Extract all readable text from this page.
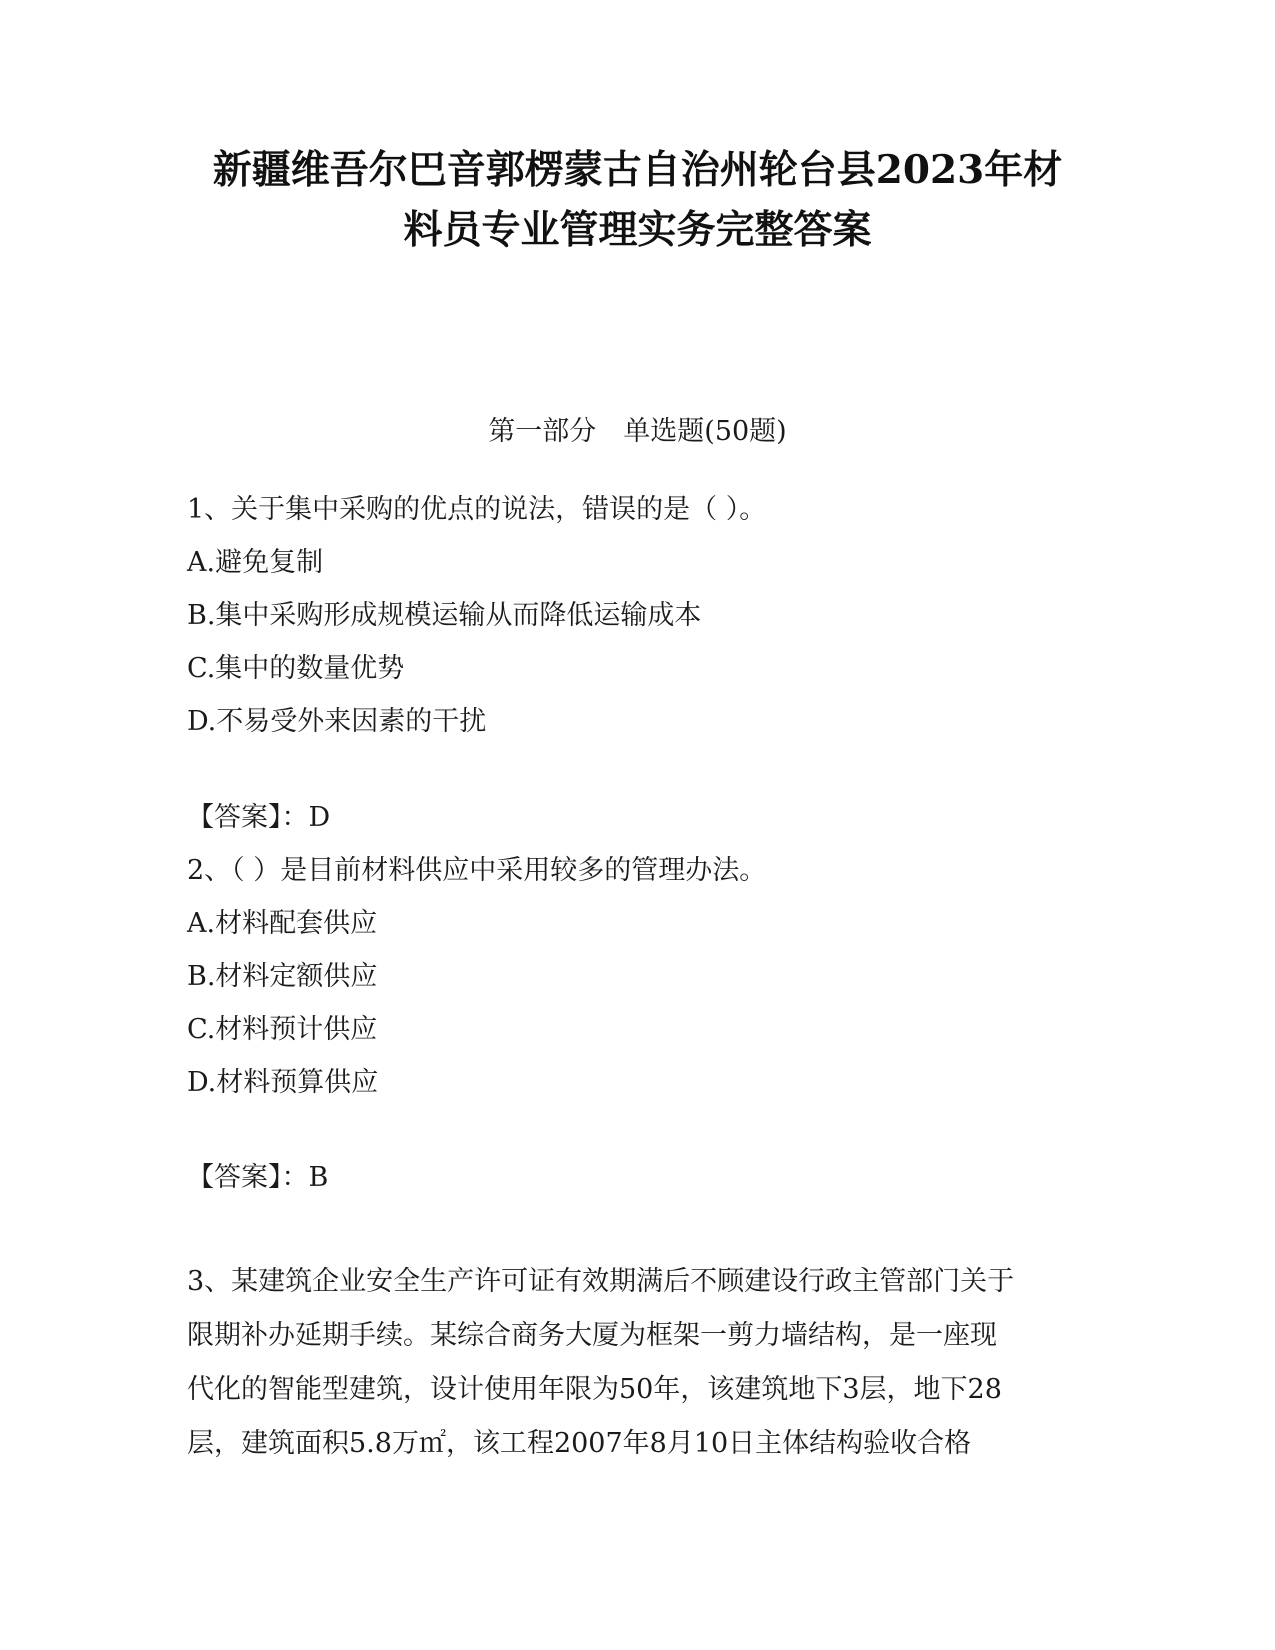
新疆维吾尔巴音郭楞蒙古自治州轮台县2023年材
料员专业管理实务完整答案
第一部分　单选题(50题)
1、关于集中采购的优点的说法，错误的是（ ）。
A.避免复制
B.集中采购形成规模运输从而降低运输成本
C.集中的数量优势
D.不易受外来因素的干扰
【答案】：D
2、（ ）是目前材料供应中采用较多的管理办法。
A.材料配套供应
B.材料定额供应
C.材料预计供应
D.材料预算供应
【答案】：B
3、某建筑企业安全生产许可证有效期满后不顾建设行政主管部门关于
限期补办延期手续。某综合商务大厦为框架一剪力墙结构，是一座现
代化的智能型建筑，设计使用年限为50年，该建筑地下3层，地下28
层，建筑面积5.8万㎡，该工程2007年8月10日主体结构验收合格
